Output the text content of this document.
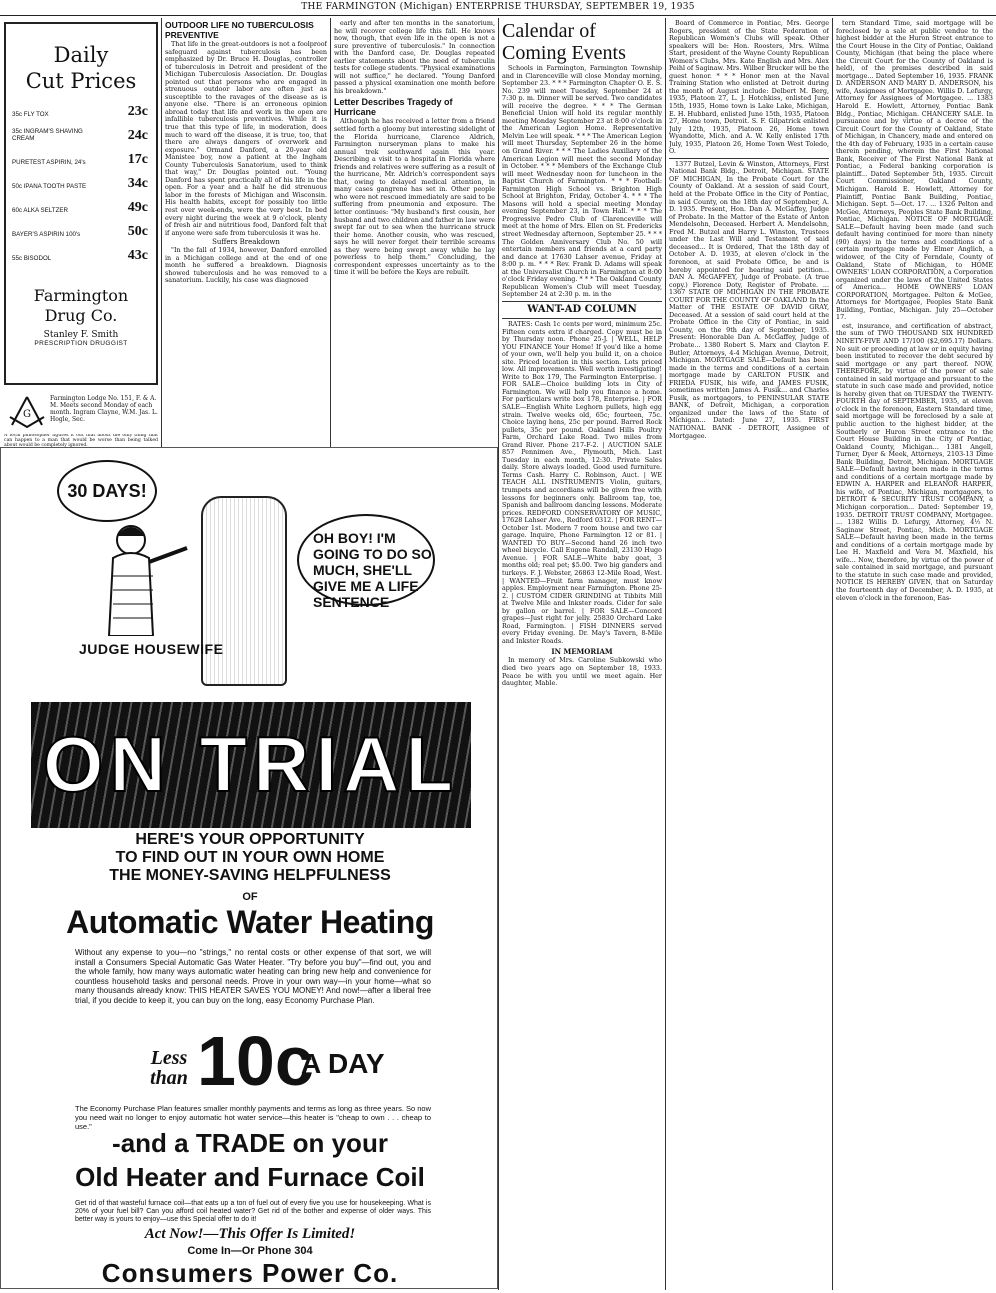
THE FARMINGTON (Michigan) ENTERPRISE THURSDAY, SEPTEMBER 19, 1935
Daily
Cut Prices
35c FLY TOX	23c
35c INGRAM'S SHAVING CREAM	24c
PURETEST ASPIRIN, 24's	17c
50c IPANA TOOTH PASTE	34c
60c ALKA SELTZER	49c
BAYER'S ASPIRIN 100's	50c
55c BISODOL	43c
Farmington
Drug Co.
Stanley F. Smith
PRESCRIPTION DRUGGIST
G
Farmington Lodge No. 151, F. & A. M. Meets second Monday of each month. Ingram Clayne, W.M. Jas. L. Hogle, Sec.

OUTDOOR LIFE NO TUBERCULOSIS PREVENTIVE

That life in the great-outdoors is not a foolproof safeguard against tuberculosis has been emphasized by Dr. Bruce H. Douglas, controller of tuberculosis in Detroit and president of the Michigan Tuberculosis Association. Dr. Douglas pointed out that persons who are engaged in strenuous outdoor labor are often just as susceptible to the ravages of the disease as is anyone else. "There is an erroneous opinion abroad today that life and work in the open are infallible tuberculosis preventives. While it is true that this type of life, in moderation, does much to ward off the disease, it is true, too, that there are always dangers of overwork and exposure." Ormand Danford, a 20-year old Manistee boy, now a patient at the Ingham County Tuberculosis Sanatorium, used to think that way," Dr. Douglas pointed out. "Young Danford has spent practically all of his life in the open. For a year and a half he did strenuous labor in the forests of Michigan and Wisconsin. His health habits, except for possibly too little rest over week-ends, were the very best. In bed every night during the week at 9 o'clock, plenty of fresh air and nutritious food, Danford felt that if anyone were safe from tuberculosis it was he.

Suffers Breakdown

"In the fall of 1934, however, Danford enrolled in a Michigan college and at the end of one month he suffered a breakdown. Diagnosis showed tuberculosis and he was removed to a sanatorium. Luckily, his case was diagnosed

early and after ten months in the sanatorium, he will recover college life this fall. He knows now, though, that even life in the open is not a sure preventive of tuberculosis." In connection with the Danford case, Dr. Douglas repeated earlier statements about the need of tuberculin tests for college students. "Physical examinations will not suffice," he declared. "Young Danford passed a physical examination one month before his breakdown."

Letter Describes Tragedy of Hurricane

Although he has received a letter from a friend settled forth a gloomy but interesting sidelight of the Florida hurricane, Clarence Aldrich, Farmington nurseryman plans to make his annual trek southward again this year. Describing a visit to a hospital in Florida where friends and relatives were suffering as a result of the hurricane, Mr. Aldrich's correspondent says that, owing to delayed medical attention, in many cases gangrene has set in. Other people who were not rescued immediately are said to be suffering from pneumonia and exposure. The letter continues: "My husband's first cousin, her husband and two children and father in law were swept far out to sea when the hurricane struck their home. Another cousin, who was rescued, says he will never forget their terrible screams as they were being swept away while he lay powerless to help them." Concluding, the correspondent expresses uncertainty as to the time it will be before the Keys are rebuilt.

Calendar of Coming Events

Schools in Farmington, Farmington Township and in Clarenceville will close Monday morning, September 23. * * * Farmington Chapter O. E. S. No. 239 will meet Tuesday, September 24 at 7:30 p. m. Dinner will be served. Two candidates will receive the degree. * * * The German Beneficial Union will hold its regular monthly meeting Monday September 23 at 8:00 o'clock in the American Legion Home. Representative Melvin Lee will speak. * * * The American Legion will meet Thursday, September 26 in the home on Grand River. * * * The Ladies Auxiliary of the American Legion will meet the second Monday in October. * * * Members of the Exchange Club will meet Wednesday noon for luncheon in the Baptist Church of Farmington. * * * Football: Farmington High School vs. Brighton High School at Brighton, Friday, October 4. * * * The Masons will hold a special meeting Monday evening September 23, in Town Hall. * * * The Progressive Pedro Club of Clarenceville will meet at the home of Mrs. Ellen on St. Fredericks street Wednesday afternoon, September 25. * * * The Golden Anniversary Club No. 50 will entertain members and friends at a card party and dance at 17630 Lahser avenue, Friday at 8:00 p. m. * * * Rev. Frank D. Adams will speak at the Universalist Church in Farmington at 8:00 o'clock Friday evening. * * * The Oakland County Republican Women's Club will meet Tuesday, September 24 at 2:30 p. m. in the

WANT-AD COLUMN

RATES: Cash 1c cents per word, minimum 25c. Fifteen cents extra if charged. Copy must be in by Thursday noon. Phone 25-J. | WELL, HELP YOU FINANCE Your Home! If you'd like a home of your own, we'll help you build it, on a choice site. Priced location in this section. Lots priced low. All improvements. Well worth investigating! Write to Box 179, The Farmington Enterprise. | FOR SALE—Choice building lots in City of Farmington. We will help you finance a home. For particulars write box 178, Enterprise. | FOR SALE—English White Leghorn pullets, high egg strain. Twelve weeks old, 65c; fourteen, 75c. Choice laying hens, 25c per pound. Barred Rock pullets, 35c per pound. Oakland Hills Poultry Farm, Orchard Lake Road. Two miles from Grand River. Phone 217-F-2. | AUCTION SALE 857 Pennimen Ave., Plymouth, Mich. Last Tuesday in each month, 12:30. Private Sales daily. Store always loaded. Good used furniture. Terms Cash. Harry C. Robinson, Auct. | WE TEACH ALL INSTRUMENTS Violin, guitars, trumpets and accordians will be given free with lessons for beginners only. Ballroom tap, toe, Spanish and ballroom dancing lessons. Moderate prices. REDFORD CONSERVATORY OF MUSIC, 17628 Lahser Ave., Redford 0312. | FOR RENT—October 1st. Modern 7 room house and two car garage. Inquire, Phone Farmington 12 or 81. | WANTED TO BUY—Second hand 26 inch two wheel bicycle. Call Eugene Randall, 23130 Hugo Avenue. | FOR SALE—White baby goat, 3 months old; real pet; $5.00. Two big ganders and turkeys. F. J. Webster, 26863 12-Mile Road, West. | WANTED—Fruit farm manager, must know apples. Employment near Farmington. Phone 25-2. | CUSTOM CIDER GRINDING at Tibbits Mill at Twelve Mile and Inkster roads. Cider for sale by gallon or barrel. | FOR SALE—Concord grapes—Just right for jelly. 25830 Orchard Lake Road, Farmington. | FISH DINNERS served every Friday evening. Dr. May's Tavern, 8-Mile and Inkster Roads.

IN MEMORIAM

In memory of Mrs. Caroline Subkowski who died two years ago on September 18, 1933. Peace be with you until we meet again. Her daughter, Mable.

Board of Commerce in Pontiac, Mrs. George Rogers, president of the State Federation of Republican Women's Clubs will speak. Other speakers will be: Hon. Roosters, Mrs. Wilma Start, president of the Wayne County Republican Women's Clubs, Mrs. Kate English and Mrs. Alex Peihl of Saginaw. Mrs. Wilber Brucker will be the guest honor. * * * Honor men at the Naval Training Station who enlisted at Detroit during the month of August include: Delbert M. Berg, 1935, Platoon 27, L. J. Hotchkiss, enlisted June 15th, 1935, Home town is Lake Lake, Michigan, E. H. Hubbard, enlisted June 15th, 1935, Platoon 27, Home town, Detroit. S. F. Gilpatrick enlisted July 12th, 1935, Platoon 26, Home town Wyandotte, Mich. and A. W. Kelly enlisted 17th July, 1935, Platoon 26, Home Town West Toledo, O.

1377 Butzel, Levin & Winston, Attorneys, First National Bank Bldg., Detroit, Michigan. STATE OF MICHIGAN, In the Probate Court for the County of Oakland. At a session of said Court, held at the Probate Office in the City of Pontiac, in said County, on the 18th day of September, A. D. 1935. Present, Hon. Dan A. McGaffey, Judge of Probate. In the Matter of the Estate of Anton Mendelsohn, Deceased. Herbert A. Mendelsohn, Fred M. Butzel and Harry L. Winston, Trustees under the Last Will and Testament of said deceased... It is Ordered, That the 18th day of October A. D. 1935, at eleven o'clock in the forenoon, at said Probate Office, be and is hereby appointed for hearing said petition... DAN A. McGAFFEY, Judge of Probate. (A true copy.) Florence Doty, Register of Probate. ... 1367 STATE OF MICHIGAN IN THE PROBATE COURT FOR THE COUNTY OF OAKLAND In the Matter of THE ESTATE OF DAVID GRAY, Deceased. At a session of said court held at the Probate Office in the City of Pontiac, in said County, on the 9th day of September, 1935. Present: Honorable Dan A. McGaffey, Judge of Probate... 1380 Robert S. Marx and Clayton F. Butler, Attorneys, 4-4 Michigan Avenue, Detroit, Michigan. MORTGAGE SALE—Default has been made in the terms and conditions of a certain mortgage made by CARLTON FUSIK and FRIEDA FUSIK, his wife, and JAMES FUSIK, sometimes written James A. Fusik... and Charles Fusik, as mortgagors, to PENINSULAR STATE BANK, of Detroit, Michigan, a corporation organized under the laws of the State of Michigan... Dated: June 27, 1935. FIRST NATIONAL BANK - DETROIT, Assignee of Mortgagee.

tern Standard Time, said mortgage will be foreclosed by a sale at public vendue to the highest bidder at the Huron Street entrance to the Court House in the City of Pontiac, Oakland County, Michigan (that being the place where the Circuit Court for the County of Oakland is held), of the premises described in said mortgage... Dated September 16, 1935. FRANK D. ANDERSON AND MARY D. ANDERSON, his wife, Assignees of Mortgagee. Willis D. Lefurgy, Attorney for Assignees of Mortgagee. ... 1383 Harold E. Howlett, Attorney, Pontiac Bank Bldg., Pontiac, Michigan. CHANCERY SALE. In pursuance and by virtue of a decree of the Circuit Court for the County of Oakland, State of Michigan, in Chancery, made and entered on the 4th day of February, 1935 in a certain cause therein pending, wherein the First National Bank, Receiver of The First National Bank at Pontiac, a Federal banking corporation is plaintiff... Dated September 5th, 1935. Circuit Court Commissioner, Oakland County, Michigan. Harold E. Howlett, Attorney for Plaintiff, Pontiac Bank Building, Pontiac, Michigan. Sept. 5—Oct. 17. ... 1326 Pelton and McGee, Attorneys, Peoples State Bank Building, Pontiac, Michigan. NOTICE OF MORTGAGE SALE—Default having been made (and such default having continued for more than ninety (90) days) in the terms and conditions of a certain mortgage made by Elmer Anglich, a widower, of the City of Ferndale, County of Oakland, State of Michigan, to HOME OWNERS' LOAN CORPORATION, a Corporation organized under the laws of the United States of America... HOME OWNERS' LOAN CORPORATION, Mortgagee. Pelton & McGee, Attorneys for Mortgagee, Peoples State Bank Building, Pontiac, Michigan. July 25—October 17.

est, insurance, and certification of abstract, the sum of TWO THOUSAND SIX HUNDRED NINETY-FIVE AND 17/100 ($2,695.17) Dollars. No suit or proceeding at law or in equity having been instituted to recover the debt secured by said mortgage or any part thereof. NOW, THEREFORE, by virtue of the power of sale contained in said mortgage and pursuant to the statute in such case made and provided, notice is hereby given that on TUESDAY the TWENTY-FOURTH day of SEPTEMBER, 1935, at eleven o'clock in the forenoon, Eastern Standard time, said mortgage will be foreclosed by a sale at public auction to the highest bidder, at the Southerly or Huron Street entrance to the Court House Building in the City of Pontiac, Oakland County, Michigan... 1381 Angell, Turner, Dyer & Meek, Attorneys, 2103-13 Dime Bank Building, Detroit, Michigan. MORTGAGE SALE—Default having been made in the terms and conditions of a certain mortgage made by EDWIN A. HARPER and ELEANOR HARPER, his wife, of Pontiac, Michigan, mortgagors, to DETROIT & SECURITY TRUST COMPANY, a Michigan corporation... Dated: September 19, 1935. DETROIT TRUST COMPANY, Mortgagee. ... 1382 Willis D. Lefurgy, Attorney, 4½ N. Saginaw Street, Pontiac, Mich. MORTGAGE SALE—Default having been made in the terms and conditions of a certain mortgage made by Lee H. Maxfield and Vera M. Maxfield, his wife... Now, therefore, by virtue of the power of sale contained in said mortgage, and pursuant to the statute in such case made and provided, NOTICE IS HEREBY GIVEN, that on Saturday the fourteenth day of December, A. D. 1935, at eleven o'clock in the forenoon, Eas-

30 DAYS!
OH BOY! I'M GOING TO DO SO MUCH, SHE'LL GIVE ME A LIFE SENTENCE
JUDGE HOUSEWIFE
ON TRIAL
HERE'S YOUR OPPORTUNITY
TO FIND OUT IN YOUR OWN HOME
THE MONEY-SAVING HELPFULNESS
OF
Automatic Water Heating
Without any expense to you—no "strings," no rental costs or other expense of that sort, we will install a Consumers Special Automatic Gas Water Heater. "Try before you buy"—find out, you and the whole family, how many ways automatic water heating can bring new help and convenience for countless household tasks and personal needs. Prove in your own way—in your home—what so many thousands already know: THIS HEATER SAVES YOU MONEY! And now!—after a liberal free trial, if you decide to keep it, you can buy on the long, easy Economy Purchase Plan.
Less than 10c
A DAY
The Economy Purchase Plan features smaller monthly payments and terms as long as three years. So now you need wait no longer to enjoy automatic hot water service—this heater is "cheap to own . . . cheap to use."
-and a TRADE on your
Old Heater and Furnace Coil
Get rid of that wasteful furnace coil—that eats up a ton of fuel out of every five you use for housekeeping. What is 20% of your fuel bill? Can you afford coil heated water? Get rid of the bother and expense of older ways. This better way is yours to enjoy—use this Special offer to do it!
Act Now!—This Offer Is Limited!
Come In—Or Phone 304
Consumers Power Co.
A local philosopher figures it out that about the only thing that can happen to a man that would be worse than being talked about would be completely ignored.
